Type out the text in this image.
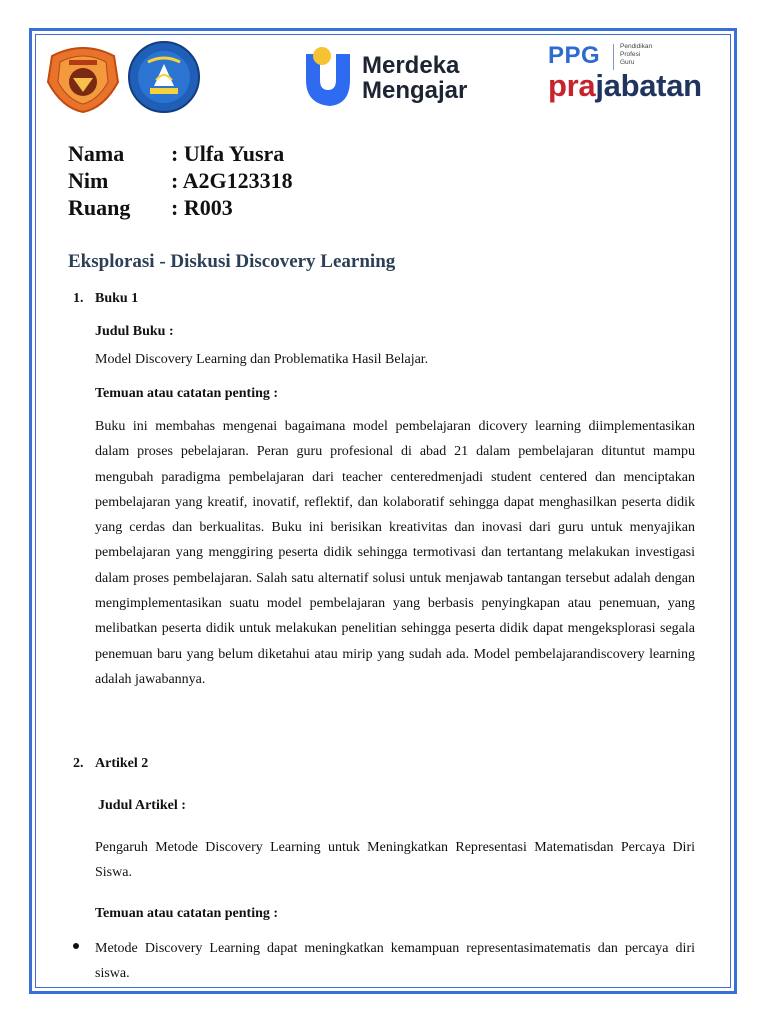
Merdeka
Mengajar
PPG	Pendidikan
Profesi
Guru
prajabatan
Nama : Ulfa Yusra
Nim	: A2G123318
Ruang : R003
Eksplorasi - Diskusi Discovery Learning
1. Buku 1
Judul Buku :
Model Discovery Learning dan Problematika Hasil Belajar.
Temuan atau catatan penting :
Buku ini membahas mengenai bagaimana model pembelajaran dicovery learning diimplementasikan dalam proses pebelajaran. Peran guru profesional di abad 21 dalam pembelajaran dituntut mampu mengubah paradigma pembelajaran dari teacher centeredmenjadi student centered dan menciptakan pembelajaran yang kreatif, inovatif, reflektif, dan kolaboratif sehingga dapat menghasilkan peserta didik yang cerdas dan berkualitas. Buku ini berisikan kreativitas dan inovasi dari guru untuk menyajikan pembelajaran yang menggiring peserta didik sehingga termotivasi dan tertantang melakukan investigasi dalam proses pembelajaran. Salah satu alternatif solusi untuk menjawab tantangan tersebut adalah dengan mengimplementasikan suatu model pembelajaran yang berbasis penyingkapan atau penemuan, yang melibatkan peserta didik untuk melakukan penelitian sehingga peserta didik dapat mengeksplorasi segala penemuan baru yang belum diketahui atau mirip yang sudah ada. Model pembelajarandiscovery learning adalah jawabannya.
2. Artikel 2
Judul Artikel :
Pengaruh Metode Discovery Learning untuk Meningkatkan Representasi Matematisdan Percaya Diri Siswa.
Temuan atau catatan penting :
Metode Discovery Learning dapat meningkatkan kemampuan representasimatematis dan percaya diri siswa.
